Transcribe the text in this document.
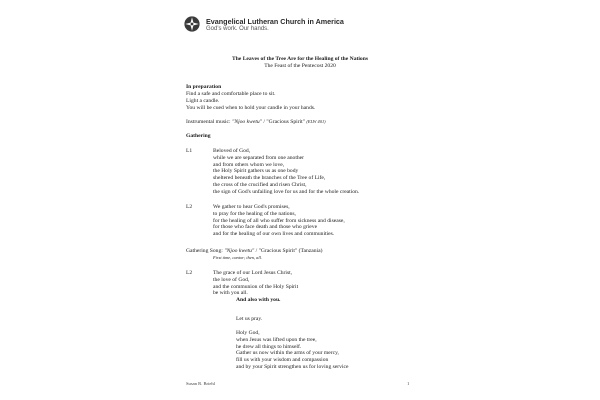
Evangelical Lutheran Church in America
God's work. Our hands.
The Leaves of the Tree Are for the Healing of the Nations
The Feast of the Pentecost 2020
In preparation
Find a safe and comfortable place to sit.
Light a candle.
You will be cued when to hold your candle in your hands.
Instrumental music: "Njoo kwetu" / "Gracious Spirit" (ELW 401)
Gathering
L1	Beloved of God,
while we are separated from one another
and from others whom we love,
the Holy Spirit gathers us as one body
sheltered beneath the branches of the Tree of Life,
the cross of the crucified and risen Christ,
the sign of God's unfailing love for us and for the whole creation.
L2	We gather to hear God's promises,
to pray for the healing of the nations,
for the healing of all who suffer from sickness and disease,
for those who face death and those who grieve
and for the healing of our own lives and communities.
Gathering Song: "Njoo kwetu" / "Gracious Spirit" (Tanzania)
First time, cantor; then, all.
L2	The grace of our Lord Jesus Christ,
the love of God,
and the communion of the Holy Spirit
be with you all.
And also with you.
Let us pray.
Holy God,
when Jesus was lifted upon the tree,
he drew all things to himself.
Gather us now within the arms of your mercy,
fill us with your wisdom and compassion
and by your Spirit strengthen us for loving service
Susan R. Briehl	1
